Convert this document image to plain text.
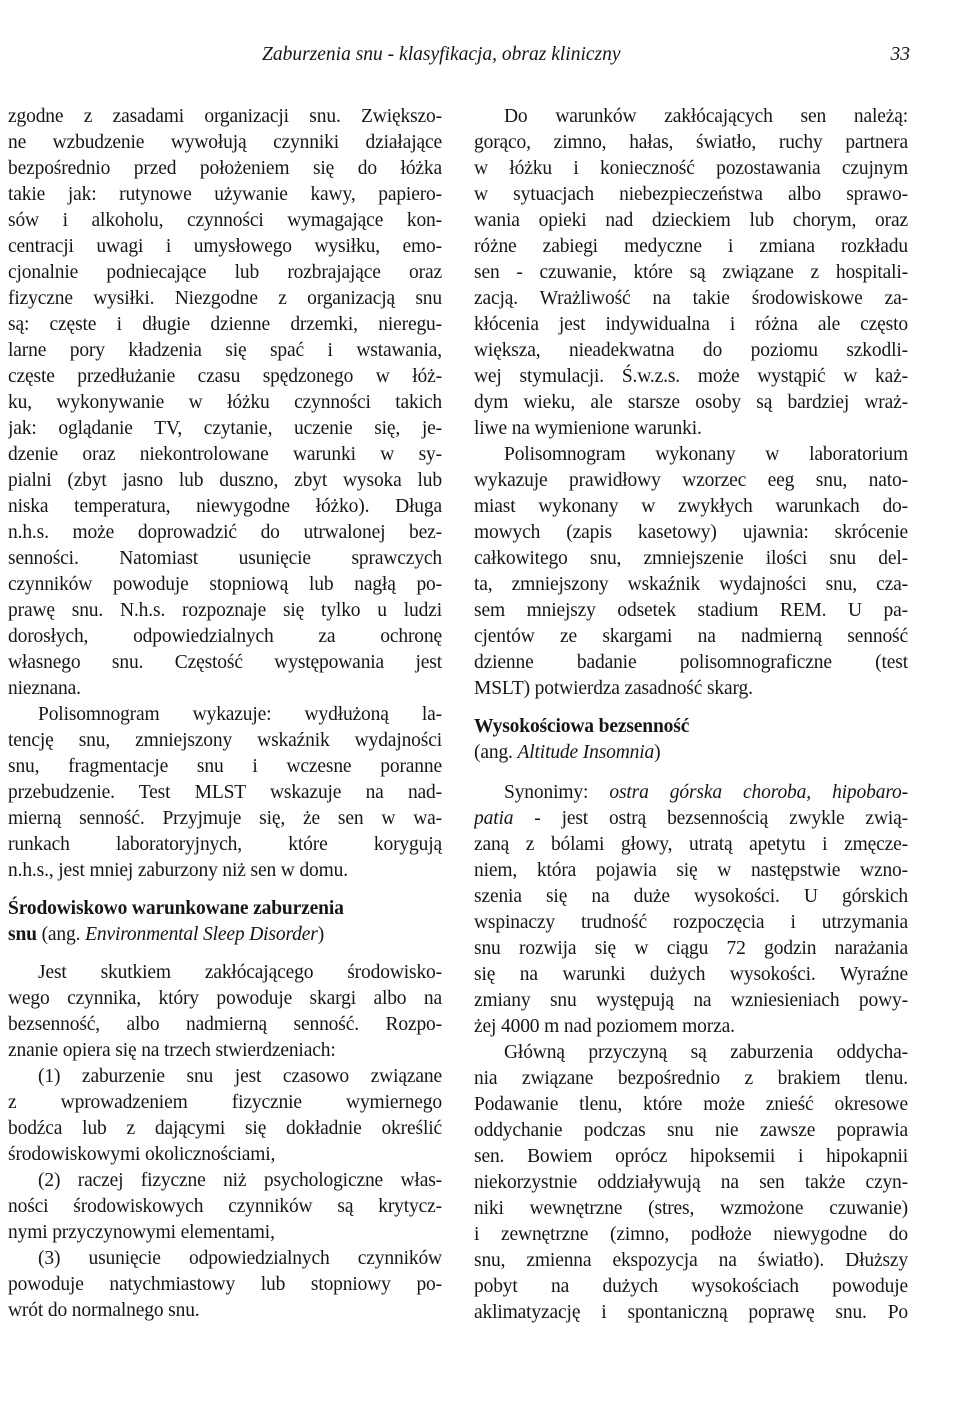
Zaburzenia snu - klasyfikacja, obraz kliniczny	33
zgodne z zasadami organizacji snu. Zwiększo-
ne wzbudzenie wywołują czynniki działające
bezpośrednio przed położeniem się do łóżka
takie jak: rutynowe używanie kawy, papiero-
sów i alkoholu, czynności wymagające kon-
centracji uwagi i umysłowego wysiłku, emo-
cjonalnie podniecające lub rozbrajające oraz
fizyczne wysiłki. Niezgodne z organizacją snu
są: częste i długie dzienne drzemki, nieregu-
larne pory kładzenia się spać i wstawania,
częste przedłużanie czasu spędzonego w łóż-
ku, wykonywanie w łóżku czynności takich
jak: oglądanie TV, czytanie, uczenie się, je-
dzenie oraz niekontrolowane warunki w sy-
pialni (zbyt jasno lub duszno, zbyt wysoka lub
niska temperatura, niewygodne łóżko). Długa
n.h.s. może doprowadzić do utrwalonej bez-
senności. Natomiast usunięcie sprawczych
czynników powoduje stopniową lub nagłą po-
prawę snu. N.h.s. rozpoznaje się tylko u ludzi
dorosłych, odpowiedzialnych za ochronę
własnego snu. Częstość występowania jest
nieznana.
Polisomnogram wykazuje: wydłużoną la-
tencję snu, zmniejszony wskaźnik wydajności
snu, fragmentacje snu i wczesne poranne
przebudzenie. Test MLST wskazuje na nad-
mierną senność. Przyjmuje się, że sen w wa-
runkach laboratoryjnych, które korygują
n.h.s., jest mniej zaburzony niż sen w domu.
Środowiskowo warunkowane zaburzenia
snu (ang. Environmental Sleep Disorder)
Jest skutkiem zakłócającego środowisko-
wego czynnika, który powoduje skargi albo na
bezsenność, albo nadmierną senność. Rozpo-
znanie opiera się na trzech stwierdzeniach:
(1) zaburzenie snu jest czasowo związane
z wprowadzeniem fizycznie wymiernego
bodźca lub z dającymi się dokładnie określić
środowiskowymi okolicznościami,
(2) raczej fizyczne niż psychologiczne włas-
ności środowiskowych czynników są krytycz-
nymi przyczynowymi elementami,
(3) usunięcie odpowiedzialnych czynników
powoduje natychmiastowy lub stopniowy po-
wrót do normalnego snu.
Do warunków zakłócających sen należą:
gorąco, zimno, hałas, światło, ruchy partnera
w łóżku i konieczność pozostawania czujnym
w sytuacjach niebezpieczeństwa albo sprawo-
wania opieki nad dzieckiem lub chorym, oraz
różne zabiegi medyczne i zmiana rozkładu
sen - czuwanie, które są związane z hospitali-
zacją. Wrażliwość na takie środowiskowe za-
kłócenia jest indywidualna i różna ale często
większa, nieadekwatna do poziomu szkodli-
wej stymulacji. Ś.w.z.s. może wystąpić w każ-
dym wieku, ale starsze osoby są bardziej wraż-
liwe na wymienione warunki.
Polisomnogram wykonany w laboratorium
wykazuje prawidłowy wzorzec eeg snu, nato-
miast wykonany w zwykłych warunkach do-
mowych (zapis kasetowy) ujawnia: skrócenie
całkowitego snu, zmniejszenie ilości snu del-
ta, zmniejszony wskaźnik wydajności snu, cza-
sem mniejszy odsetek stadium REM. U pa-
cjentów ze skargami na nadmierną senność
dzienne badanie polisomnograficzne (test
MSLT) potwierdza zasadność skarg.
Wysokościowa bezsenność
(ang. Altitude Insomnia)
Synonimy: ostra górska choroba, hipobaro-
patia - jest ostrą bezsennością zwykle zwią-
zaną z bólami głowy, utratą apetytu i zmęcze-
niem, która pojawia się w następstwie wzno-
szenia się na duże wysokości. U górskich
wspinaczy trudność rozpoczęcia i utrzymania
snu rozwija się w ciągu 72 godzin narażania
się na warunki dużych wysokości. Wyraźne
zmiany snu występują na wzniesieniach powy-
żej 4000 m nad poziomem morza.
Główną przyczyną są zaburzenia oddycha-
nia związane bezpośrednio z brakiem tlenu.
Podawanie tlenu, które może znieść okresowe
oddychanie podczas snu nie zawsze poprawia
sen. Bowiem oprócz hipoksemii i hipokapnii
niekorzystnie oddziaływują na sen także czyn-
niki wewnętrzne (stres, wzmożone czuwanie)
i zewnętrzne (zimno, podłoże niewygodne do
snu, zmienna ekspozycja na światło). Dłuższy
pobyt na dużych wysokościach powoduje
aklimatyzację i spontaniczną poprawę snu. Po
